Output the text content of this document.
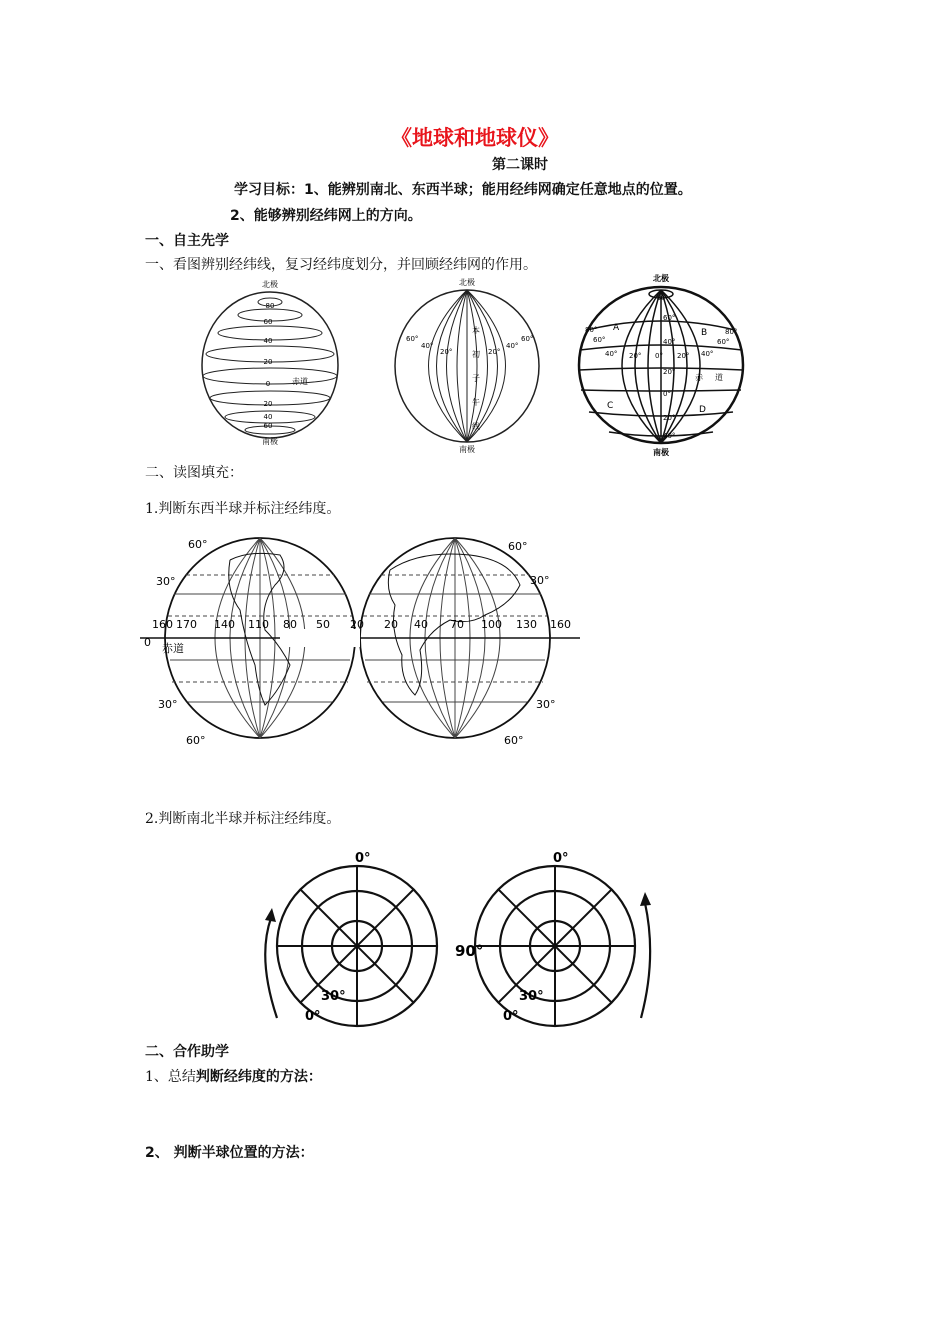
《地球和地球仪》
第二课时
学习目标：1、能辨别南北、东西半球；能用经纬网确定任意地点的位置。
2、能够辨别经纬网上的方向。
一、自主先学
一、看图辨别经纬线，复习经纬度划分，并回顾经纬网的作用。
北极
80
60
40
20
0
20
40
60
赤道
南极
北极
本
初
子
午
线
60°
40°
20°	20°
40°
60°
南极
北极
80°
60°
40°
20°
0°
20°
40°
80°
60°
40° 20° 0° 20° 40°
60°
80°
A	B
C	D
赤 道
南极
二、读图填充：
1.判断东西半球并标注经纬度。
60°
30°
0
30°
60°
160 170 140 110 80 50 20 20 40 70 100 130 160
赤道
60°
30°
30°
60°
2.判断南北半球并标注经纬度。
0°
30°
0°
90°
0°
30°
0°
二、合作助学
1、总结判断经纬度的方法：
2、 判断半球位置的方法：
